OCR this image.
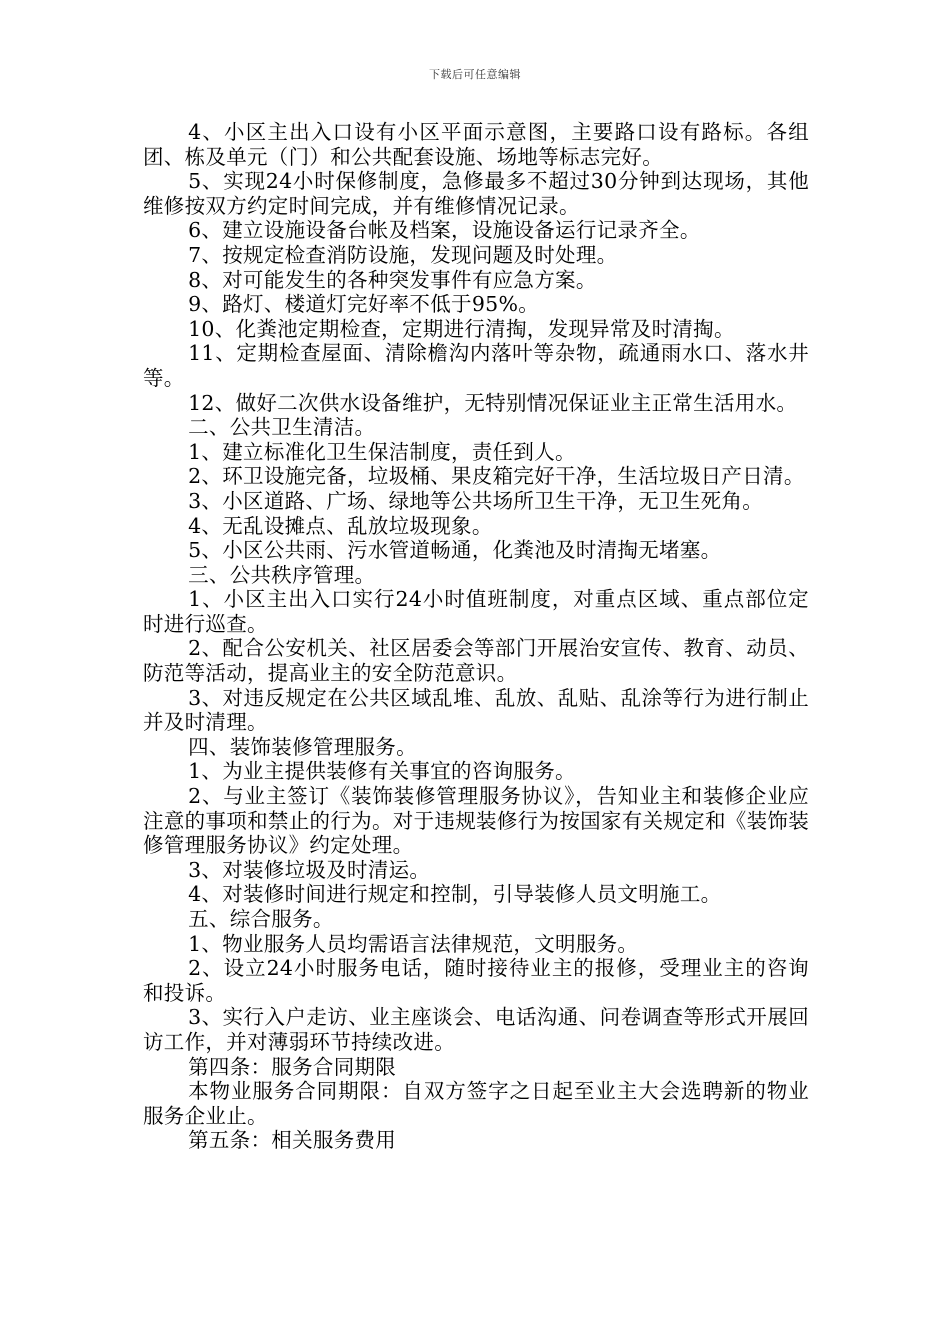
下载后可任意编辑

4、小区主出入口设有小区平面示意图，主要路口设有路标。各组团、栋及单元（门）和公共配套设施、场地等标志完好。

5、实现24小时保修制度，急修最多不超过30分钟到达现场，其他维修按双方约定时间完成，并有维修情况记录。

6、建立设施设备台帐及档案，设施设备运行记录齐全。

7、按规定检查消防设施，发现问题及时处理。

8、对可能发生的各种突发事件有应急方案。

9、路灯、楼道灯完好率不低于95%。

10、化粪池定期检查，定期进行清掏，发现异常及时清掏。

11、定期检查屋面、清除檐沟内落叶等杂物，疏通雨水口、落水井等。

12、做好二次供水设备维护，无特别情况保证业主正常生活用水。

二、公共卫生清洁。

1、建立标准化卫生保洁制度，责任到人。

2、环卫设施完备，垃圾桶、果皮箱完好干净，生活垃圾日产日清。

3、小区道路、广场、绿地等公共场所卫生干净，无卫生死角。

4、无乱设摊点、乱放垃圾现象。

5、小区公共雨、污水管道畅通，化粪池及时清掏无堵塞。

三、公共秩序管理。

1、小区主出入口实行24小时值班制度，对重点区域、重点部位定时进行巡查。

2、配合公安机关、社区居委会等部门开展治安宣传、教育、动员、防范等活动，提高业主的安全防范意识。

3、对违反规定在公共区域乱堆、乱放、乱贴、乱涂等行为进行制止并及时清理。

四、装饰装修管理服务。

1、为业主提供装修有关事宜的咨询服务。

2、与业主签订《装饰装修管理服务协议》，告知业主和装修企业应注意的事项和禁止的行为。对于违规装修行为按国家有关规定和《装饰装修管理服务协议》约定处理。

3、对装修垃圾及时清运。

4、对装修时间进行规定和控制，引导装修人员文明施工。

五、综合服务。

1、物业服务人员均需语言法律规范，文明服务。

2、设立24小时服务电话，随时接待业主的报修，受理业主的咨询和投诉。

3、实行入户走访、业主座谈会、电话沟通、问卷调查等形式开展回访工作，并对薄弱环节持续改进。

第四条：服务合同期限

本物业服务合同期限：自双方签字之日起至业主大会选聘新的物业服务企业止。

第五条：相关服务费用
